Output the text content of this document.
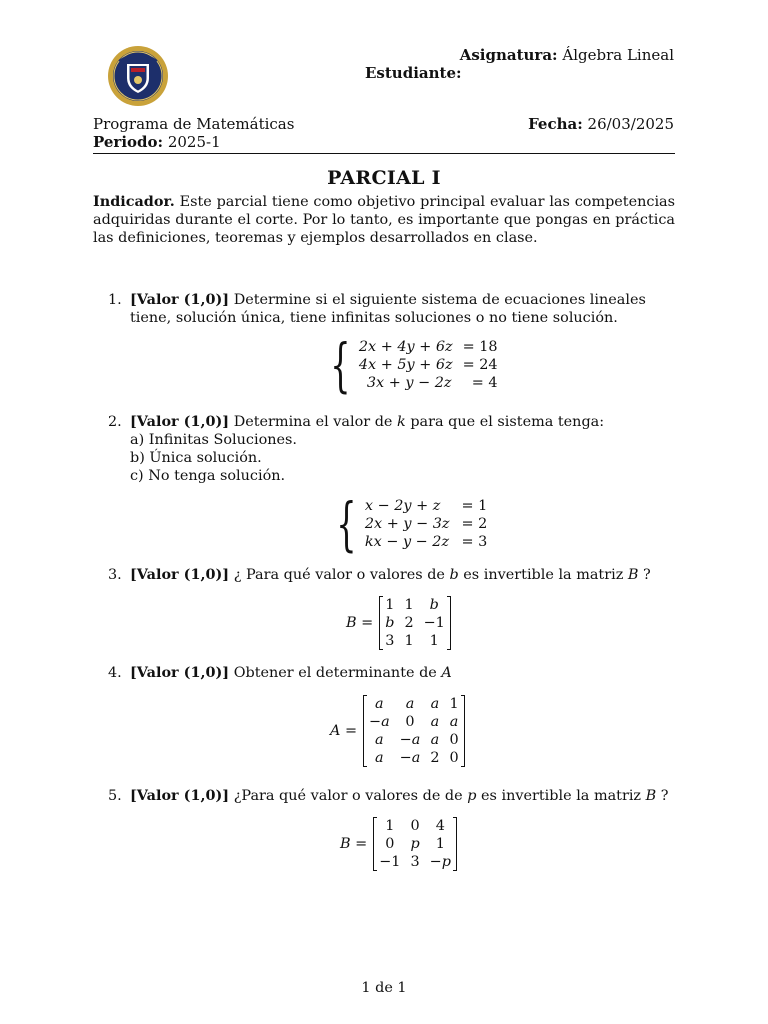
Asignatura: Álgebra Lineal
Estudiante:
Programa de Matemáticas
Periodo: 2025-1
Fecha: 26/03/2025
PARCIAL I
Indicador. Este parcial tiene como objetivo principal evaluar las competencias adquiridas durante el corte. Por lo tanto, es importante que pongas en práctica las definiciones, teoremas y ejemplos desarrollados en clase.
1. [Valor (1,0)] Determine si el siguiente sistema de ecuaciones lineales tiene, solución única, tiene infinitas soluciones o no tiene solución.
{ 2x + 4y + 6z = 18
4x + 5y + 6z = 24
3x + y − 2z	= 4
2. [Valor (1,0)] Determina el valor de k para que el sistema tenga:
a) Infinitas Soluciones.
b) Única solución.
c) No tenga solución.
{ x − 2y + z	= 1
2x + y − 3z = 2
kx − y − 2z = 3
3. [Valor (1,0)] ¿ Para qué valor o valores de b es invertible la matriz B ?
B =
1	1	b
b	2	−1
3	1	1
4. [Valor (1,0)] Obtener el determinante de A
A =
a	a	a	1
−a	0	a	a
a	−a	a	0
a	−a	2	0
5. [Valor (1,0)] ¿Para qué valor o valores de de p es invertible la matriz B ?
B =
1	0	4
0	p	1
−1	3	−p
1 de 1
